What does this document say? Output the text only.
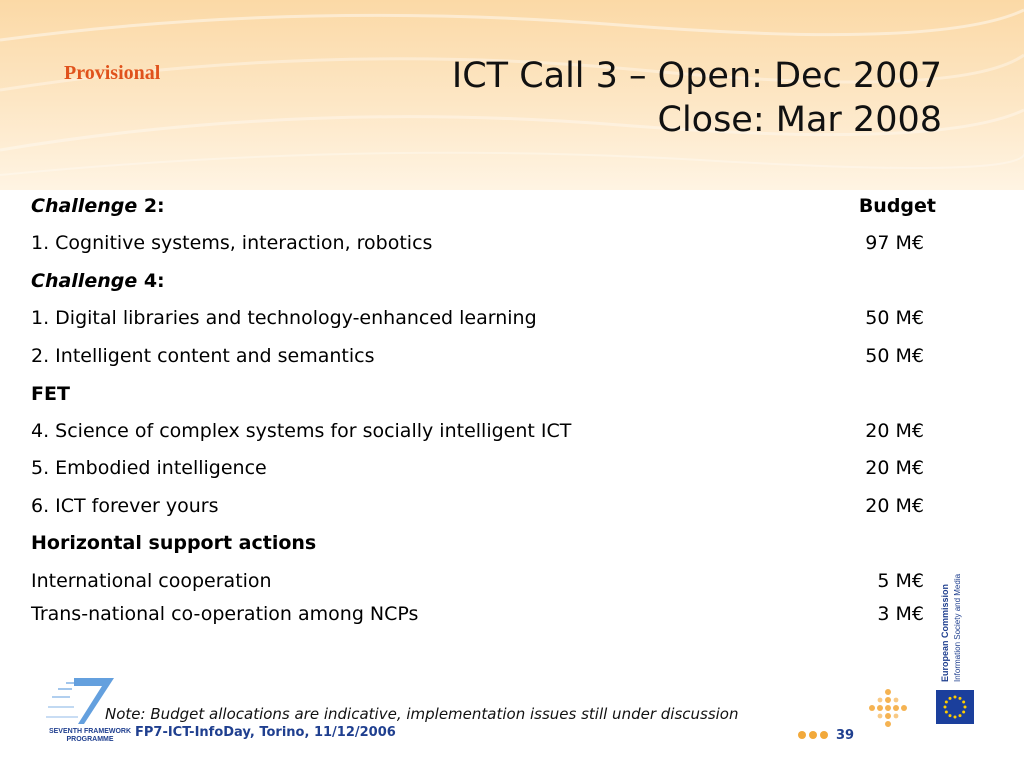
Provisional	ICT Call 3 – Open: Dec 2007
Close: Mar 2008
Challenge 2:	Budget
1. Cognitive systems, interaction, robotics	97 M€
Challenge 4:
1. Digital libraries and technology-enhanced learning	50 M€
2. Intelligent content and semantics	50 M€
FET
4. Science of complex systems for socially intelligent ICT	20 M€
5. Embodied intelligence	20 M€
6. ICT forever yours	20 M€
Horizontal support actions
International cooperation	5 M€
Trans-national co-operation among NCPs	3 M€
SEVENTH FRAMEWORK
PROGRAMME
Note: Budget allocations are indicative, implementation issues still under discussion
FP7-ICT-InfoDay, Torino, 11/12/2006	39
European Commission Information Society and Media
